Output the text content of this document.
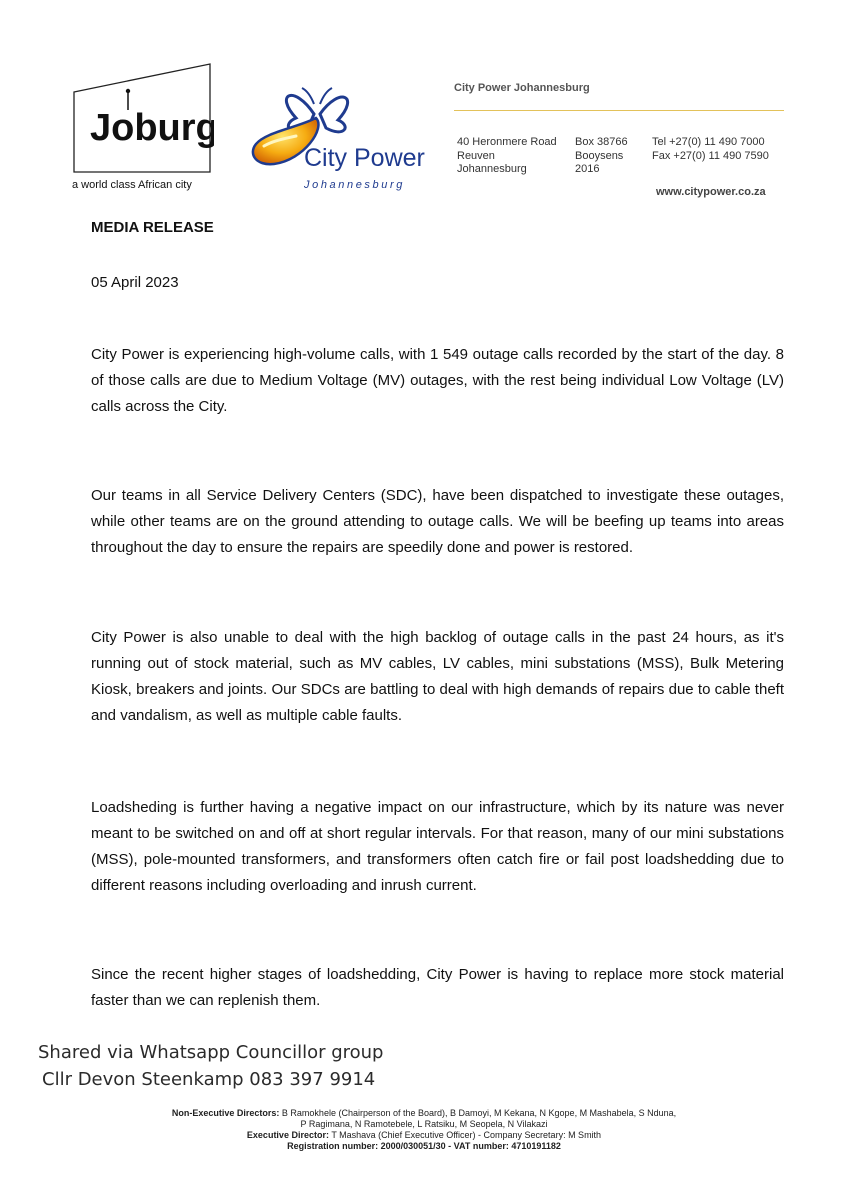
Joburg
a world class African city
City Power
Johannesburg
City Power Johannesburg
40 Heronmere Road
Reuven
Johannesburg
Box 38766
Booysens
2016
Tel +27(0) 11 490 7000
Fax +27(0) 11 490 7590
www.citypower.co.za
MEDIA RELEASE
05 April 2023

City Power is experiencing high-volume calls, with 1 549 outage calls recorded by the start of the day. 8 of those calls are due to Medium Voltage (MV) outages, with the rest being individual Low Voltage (LV) calls across the City.

Our teams in all Service Delivery Centers (SDC), have been dispatched to investigate these outages, while other teams are on the ground attending to outage calls. We will be beefing up teams into areas throughout the day to ensure the repairs are speedily done and power is restored.

City Power is also unable to deal with the high backlog of outage calls in the past 24 hours, as it's running out of stock material, such as MV cables, LV cables, mini substations (MSS), Bulk Metering Kiosk, breakers and joints. Our SDCs are battling to deal with high demands of repairs due to cable theft and vandalism, as well as multiple cable faults.

Loadsheding is further having a negative impact on our infrastructure, which by its nature was never meant to be switched on and off at short regular intervals. For that reason, many of our mini substations (MSS), pole-mounted transformers, and transformers often catch fire or fail post loadshedding due to different reasons including overloading and inrush current.

Since the recent higher stages of loadshedding, City Power is having to replace more stock material faster than we can replenish them.

Shared via Whatsapp Councillor group
Cllr Devon Steenkamp 083 397 9914
Non-Executive Directors: B Ramokhele (Chairperson of the Board), B Damoyi, M Kekana, N Kgope, M Mashabela, S Nduna,
P Ragimana, N Ramotebele, L Ratsiku, M Seopela, N Vilakazi
Executive Director: T Mashava (Chief Executive Officer) - Company Secretary: M Smith
Registration number: 2000/030051/30 - VAT number: 4710191182
